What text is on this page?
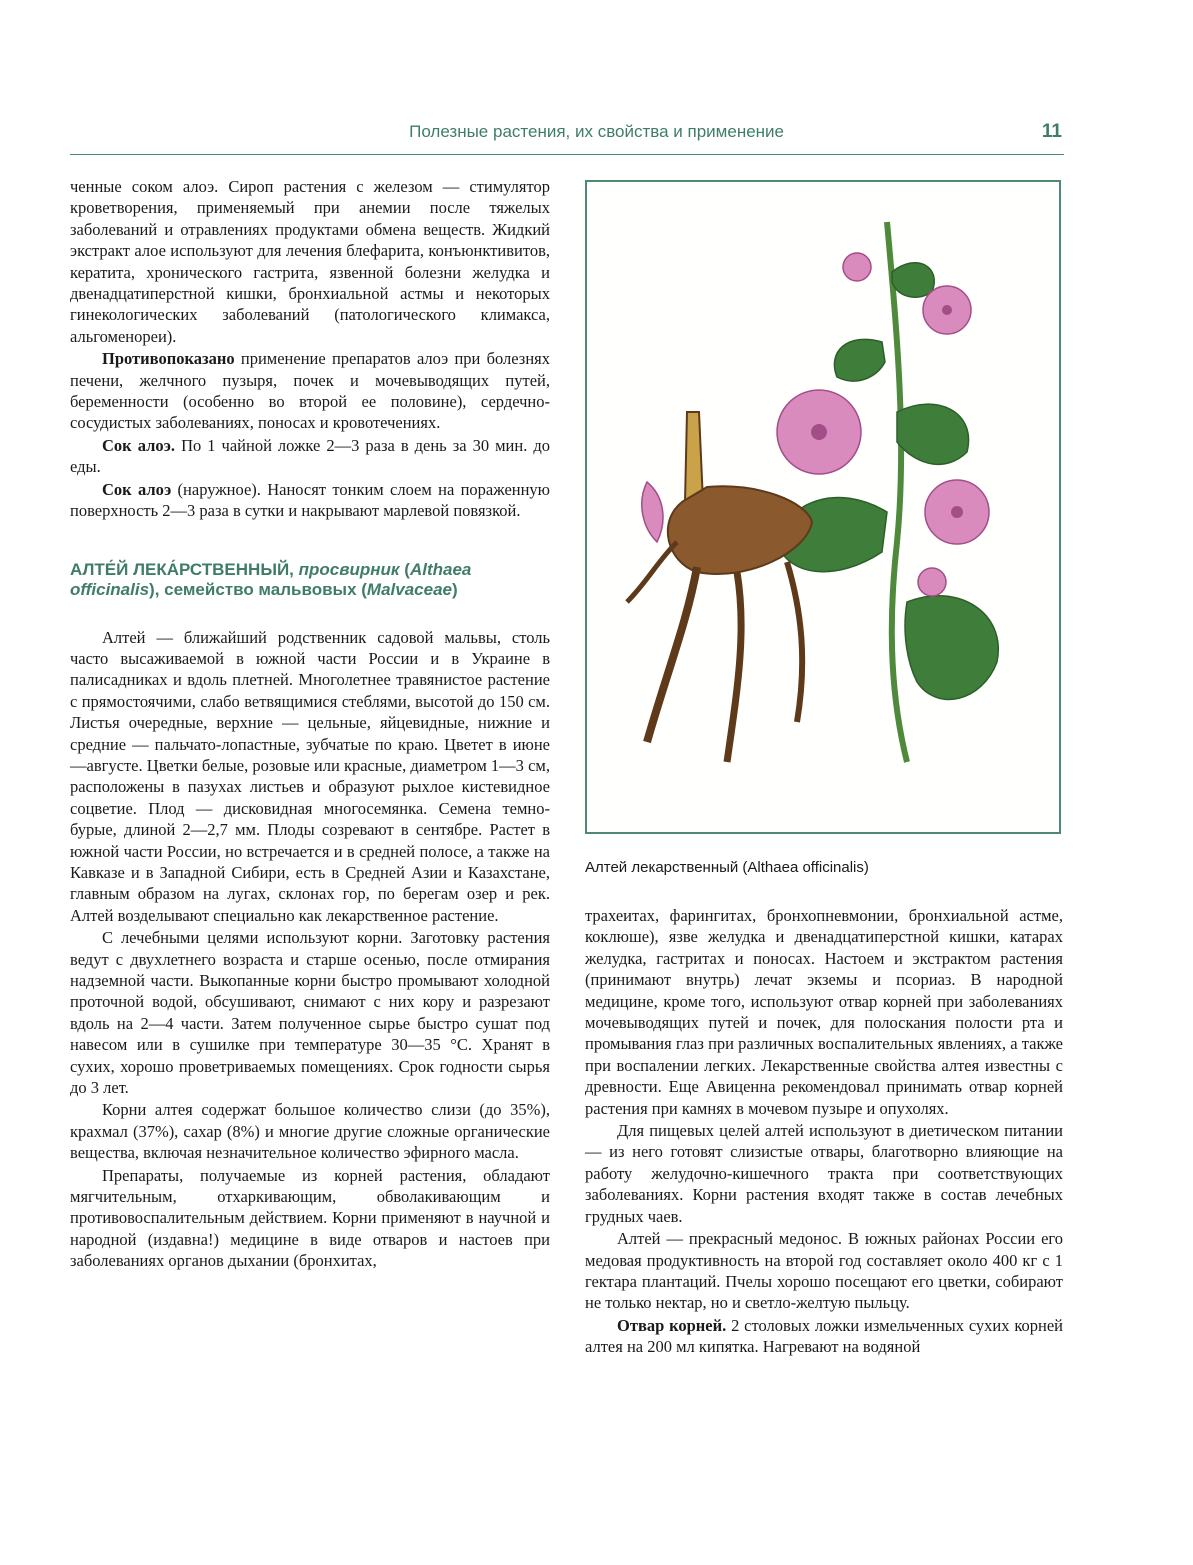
Полезные растения, их свойства и применение	11

ченные соком алоэ. Сироп растения с железом — стимулятор кроветворения, применяемый при анемии после тяжелых заболеваний и отравлениях продуктами обмена веществ. Жидкий экстракт алое используют для лечения блефарита, конъюнктивитов, кератита, хронического гастрита, язвенной болезни желудка и двенадцатиперстной кишки, бронхиальной астмы и некоторых гинекологических заболеваний (патологического климакса, альгоменореи).

Противопоказано применение препаратов алоэ при болезнях печени, желчного пузыря, почек и мочевыводящих путей, беременности (особенно во второй ее половине), сердечно-сосудистых заболеваниях, поносах и кровотечениях.

Сок алоэ. По 1 чайной ложке 2—3 раза в день за 30 мин. до еды.

Сок алоэ (наружное). Наносят тонким слоем на пораженную поверхность 2—3 раза в сутки и накрывают марлевой повязкой.

АЛТЕ́Й ЛЕКА́РСТВЕННЫЙ, просвирник (Althaea officinalis), семейство мальвовых (Malvaceae)

Алтей — ближайший родственник садовой мальвы, столь часто высаживаемой в южной части России и в Украине в палисадниках и вдоль плетней. Многолетнее травянистое растение с прямостоячими, слабо ветвящимися стеблями, высотой до 150 см. Листья очередные, верхние — цельные, яйцевидные, нижние и средние — пальчато-лопастные, зубчатые по краю. Цветет в июне—августе. Цветки белые, розовые или красные, диаметром 1—3 см, расположены в пазухах листьев и образуют рыхлое кистевидное соцветие. Плод — дисковидная многосемянка. Семена темно-бурые, длиной 2—2,7 мм. Плоды созревают в сентябре. Растет в южной части России, но встречается и в средней полосе, а также на Кавказе и в Западной Сибири, есть в Средней Азии и Казахстане, главным образом на лугах, склонах гор, по берегам озер и рек. Алтей возделывают специально как лекарственное растение.

С лечебными целями используют корни. Заготовку растения ведут с двухлетнего возраста и старше осенью, после отмирания надземной части. Выкопанные корни быстро промывают холодной проточной водой, обсушивают, снимают с них кору и разрезают вдоль на 2—4 части. Затем полученное сырье быстро сушат под навесом или в сушилке при температуре 30—35 °С. Хранят в сухих, хорошо проветриваемых помещениях. Срок годности сырья до 3 лет.

Корни алтея содержат большое количество слизи (до 35%), крахмал (37%), сахар (8%) и многие другие сложные органические вещества, включая незначительное количество эфирного масла.

Препараты, получаемые из корней растения, обладают мягчительным, отхаркивающим, обволакивающим и противовоспалительным действием. Корни применяют в научной и народной (издавна!) медицине в виде отваров и настоев при заболеваниях органов дыхании (бронхитах,

Алтей лекарственный (Althaea officinalis)

трахеитах, фарингитах, бронхопневмонии, бронхиальной астме, коклюше), язве желудка и двенадцатиперстной кишки, катарах желудка, гастритах и поносах. Настоем и экстрактом растения (принимают внутрь) лечат экземы и псориаз. В народной медицине, кроме того, используют отвар корней при заболеваниях мочевыводящих путей и почек, для полоскания полости рта и промывания глаз при различных воспалительных явлениях, а также при воспалении легких. Лекарственные свойства алтея известны с древности. Еще Авиценна рекомендовал принимать отвар корней растения при камнях в мочевом пузыре и опухолях.

Для пищевых целей алтей используют в диетическом питании — из него готовят слизистые отвары, благотворно влияющие на работу желудочно-кишечного тракта при соответствующих заболеваниях. Корни растения входят также в состав лечебных грудных чаев.

Алтей — прекрасный медонос. В южных районах России его медовая продуктивность на второй год составляет около 400 кг с 1 гектара плантаций. Пчелы хорошо посещают его цветки, собирают не только нектар, но и светло-желтую пыльцу.

Отвар корней. 2 столовых ложки измельченных сухих корней алтея на 200 мл кипятка. Нагревают на водяной
